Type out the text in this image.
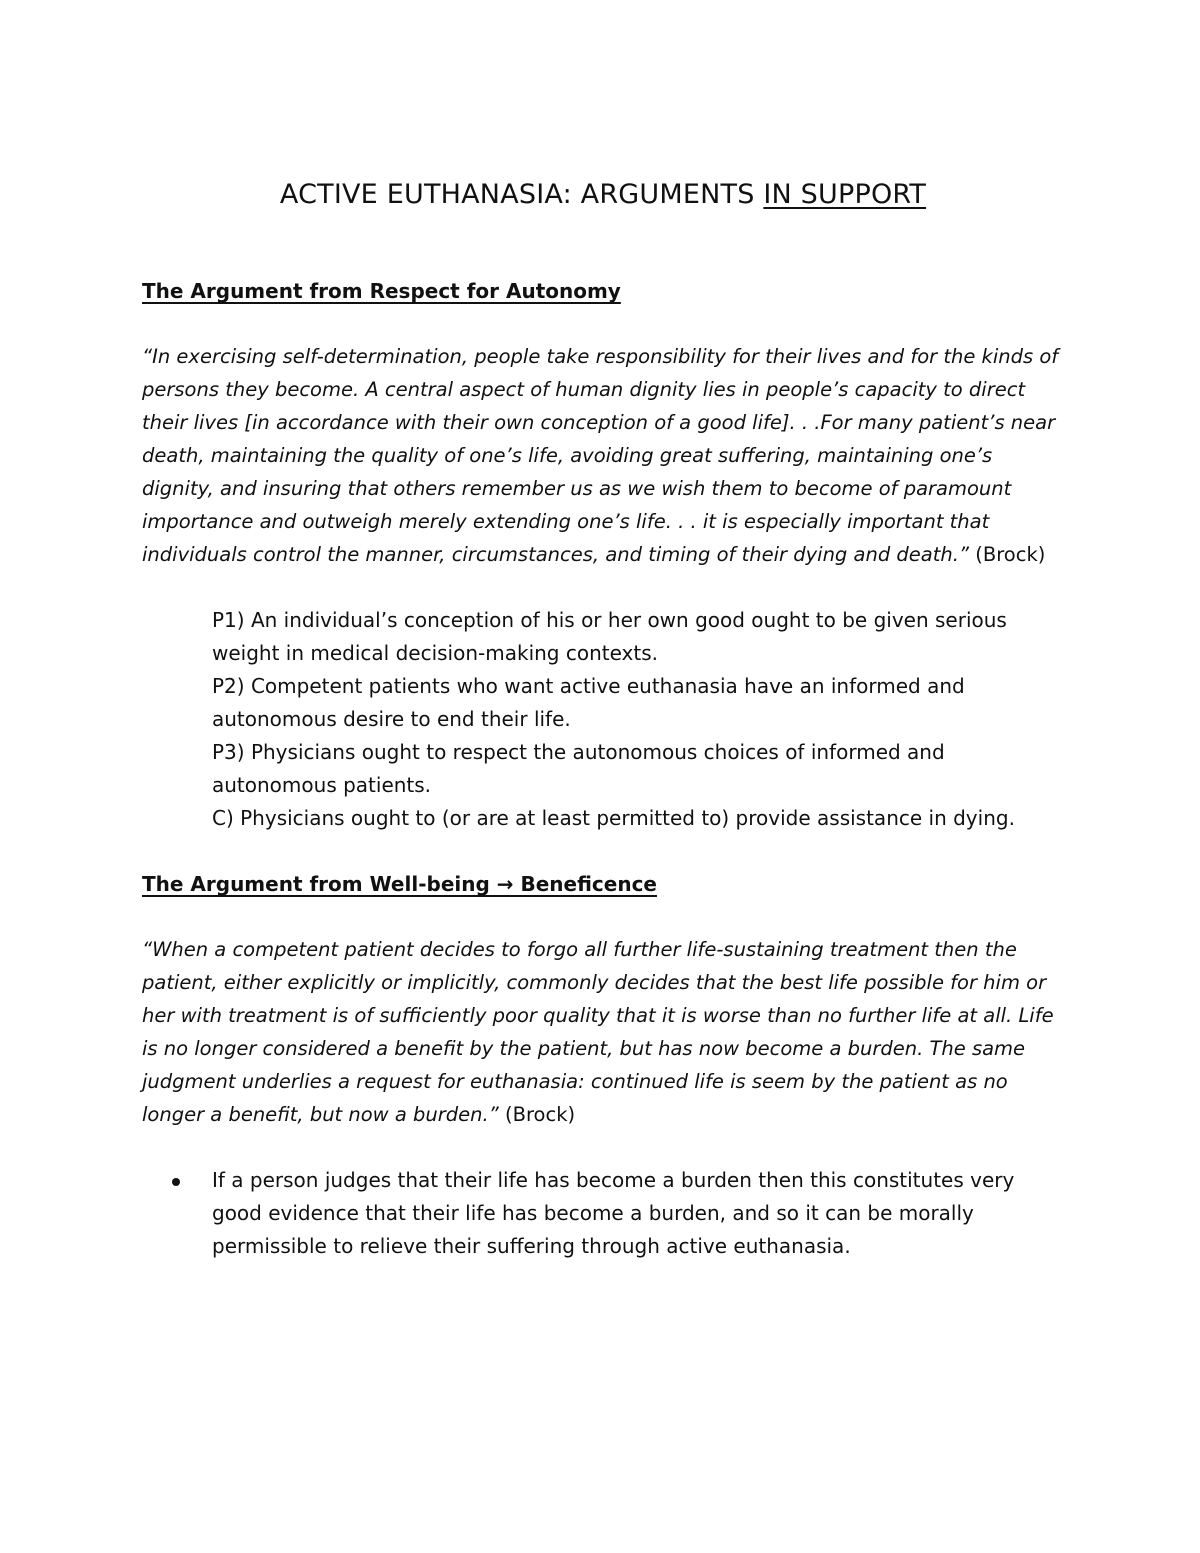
ACTIVE EUTHANASIA: ARGUMENTS IN SUPPORT
The Argument from Respect for Autonomy

“In exercising self-determination, people take responsibility for their lives and for the kinds of persons they become. A central aspect of human dignity lies in people’s capacity to direct their lives [in accordance with their own conception of a good life]. . .For many patient’s near death, maintaining the quality of one’s life, avoiding great suffering, maintaining one’s dignity, and insuring that others remember us as we wish them to become of paramount importance and outweigh merely extending one’s life. . . it is especially important that individuals control the manner, circumstances, and timing of their dying and death.” (Brock)

P1) An individual’s conception of his or her own good ought to be given serious weight in medical decision-making contexts.

P2) Competent patients who want active euthanasia have an informed and autonomous desire to end their life.

P3) Physicians ought to respect the autonomous choices of informed and autonomous patients.

C) Physicians ought to (or are at least permitted to) provide assistance in dying.

The Argument from Well-being → Beneficence

“When a competent patient decides to forgo all further life-sustaining treatment then the patient, either explicitly or implicitly, commonly decides that the best life possible for him or her with treatment is of sufficiently poor quality that it is worse than no further life at all. Life is no longer considered a benefit by the patient, but has now become a burden. The same judgment underlies a request for euthanasia: continued life is seem by the patient as no longer a benefit, but now a burden.” (Brock)

If a person judges that their life has become a burden then this constitutes very good evidence that their life has become a burden, and so it can be morally permissible to relieve their suffering through active euthanasia.
